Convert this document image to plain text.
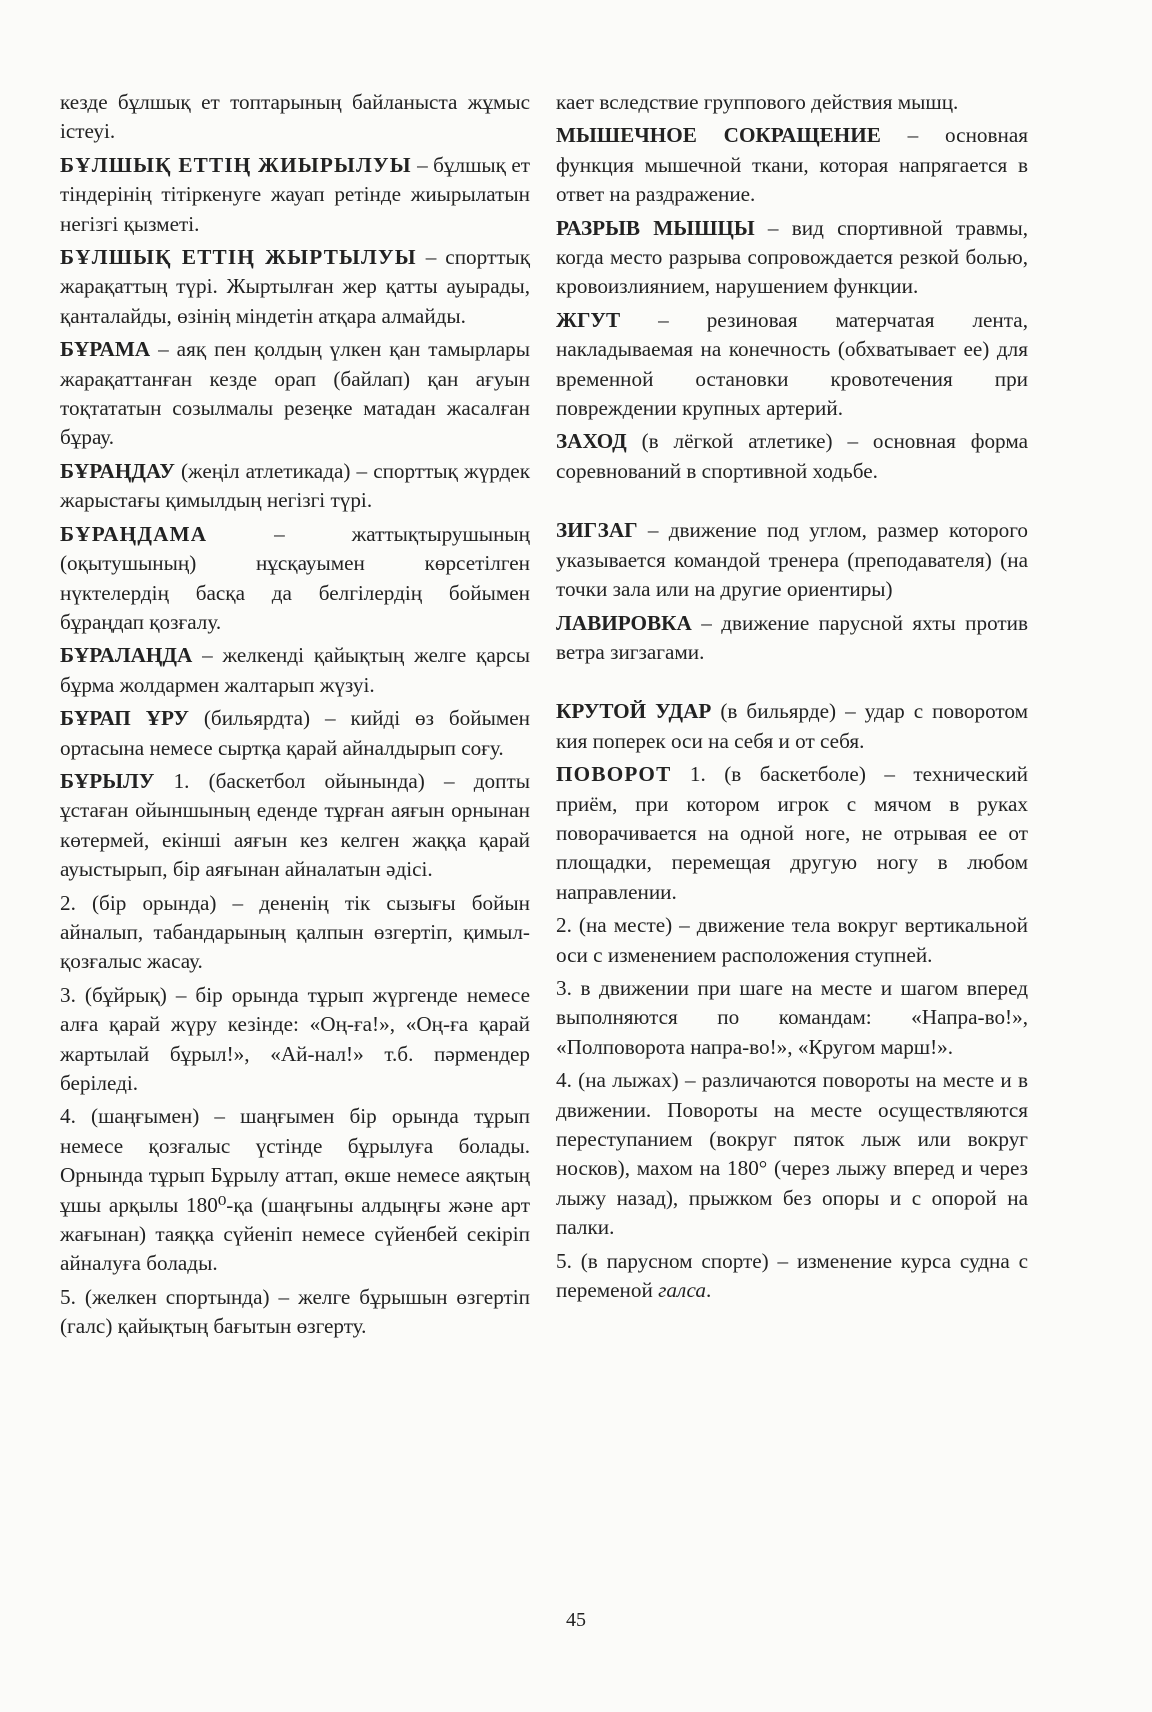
кезде бұлшық ет топтарының байланыста жұмыс істеуі.

БҰЛШЫҚ ЕТТІҢ ЖИЫРЫЛУЫ – бұлшық ет тіндерінің тітіркенуге жауап ретінде жиырылатын негізгі қызметі.

БҰЛШЫҚ ЕТТІҢ ЖЫРТЫЛУЫ – спорттық жарақаттың түрі. Жыртылған жер қатты ауырады, қанталайды, өзінің міндетін атқара алмайды.

БҰРАМА – аяқ пен қолдың үлкен қан тамырлары жарақаттанған кезде орап (байлап) қан ағуын тоқтататын созылмалы резеңке матадан жасалған бұрау.

БҰРАҢДАУ (жеңіл атлетикада) – спорттық жүрдек жарыстағы қимылдың негізгі түрі.

БҰРАҢДАМА – жаттықтырушының (оқытушының) нұсқауымен көрсетілген нүктелердің басқа да белгілердің бойымен бұраңдап қозғалу.

БҰРАЛАҢДА – желкенді қайықтың желге қарсы бұрма жолдармен жалтарып жүзуі.

БҰРАП ҰРУ (бильярдта) – кийді өз бойымен ортасына немесе сыртқа қарай айналдырып соғу.

БҰРЫЛУ 1. (баскетбол ойынында) – допты ұстаған ойыншының еденде тұрған аяғын орнынан көтермей, екінші аяғын кез келген жаққа қарай ауыстырып, бір аяғынан айналатын әдісі.

2. (бір орында) – дененің тік сызығы бойын айналып, табандарының қалпын өзгертіп, қимыл-қозғалыс жасау.

3. (бұйрық) – бір орында тұрып жүргенде немесе алға қарай жүру кезінде: «Оң-ға!», «Оң-ға қарай жартылай бұрыл!», «Ай-нал!» т.б. пәрмендер беріледі.

4. (шаңғымен) – шаңғымен бір орында тұрып немесе қозғалыс үстінде бұрылуға болады. Орнында тұрып Бұрылу аттап, өкше немесе аяқтың ұшы арқылы 180⁰-қа (шаңғыны алдыңғы және арт жағынан) таяққа сүйеніп немесе сүйенбей секіріп айналуға болады.

5. (желкен спортында) – желге бұрышын өзгертіп (галс) қайықтың бағытын өзгерту.

кает вследствие группового действия мышц.

МЫШЕЧНОЕ СОКРАЩЕНИЕ – основная функция мышечной ткани, которая напрягается в ответ на раздражение.

РАЗРЫВ МЫШЦЫ – вид спортивной травмы, когда место разрыва сопровождается резкой болью, кровоизлиянием, нарушением функции.

ЖГУТ – резиновая матерчатая лента, накладываемая на конечность (обхватывает ее) для временной остановки кровотечения при повреждении крупных артерий.

ЗАХОД (в лёгкой атлетике) – основная форма соревнований в спортивной ходьбе.

ЗИГЗАГ – движение под углом, размер которого указывается командой тренера (преподавателя) (на точки зала или на другие ориентиры)

ЛАВИРОВКА – движение парусной яхты против ветра зигзагами.

КРУТОЙ УДАР (в бильярде) – удар с поворотом кия поперек оси на себя и от себя.

ПОВОРОТ 1. (в баскетболе) – технический приём, при котором игрок с мячом в руках поворачивается на одной ноге, не отрывая ее от площадки, перемещая другую ногу в любом направлении.

2. (на месте) – движение тела вокруг вертикальной оси с изменением расположения ступней.

3. в движении при шаге на месте и шагом вперед выполняются по командам: «Напра-во!», «Полповорота напра-во!», «Кругом марш!».

4. (на лыжах) – различаются повороты на месте и в движении. Повороты на месте осуществляются переступанием (вокруг пяток лыж или вокруг носков), махом на 180° (через лыжу вперед и через лыжу назад), прыжком без опоры и с опорой на палки.

5. (в парусном спорте) – изменение курса судна с переменой галса.

45
